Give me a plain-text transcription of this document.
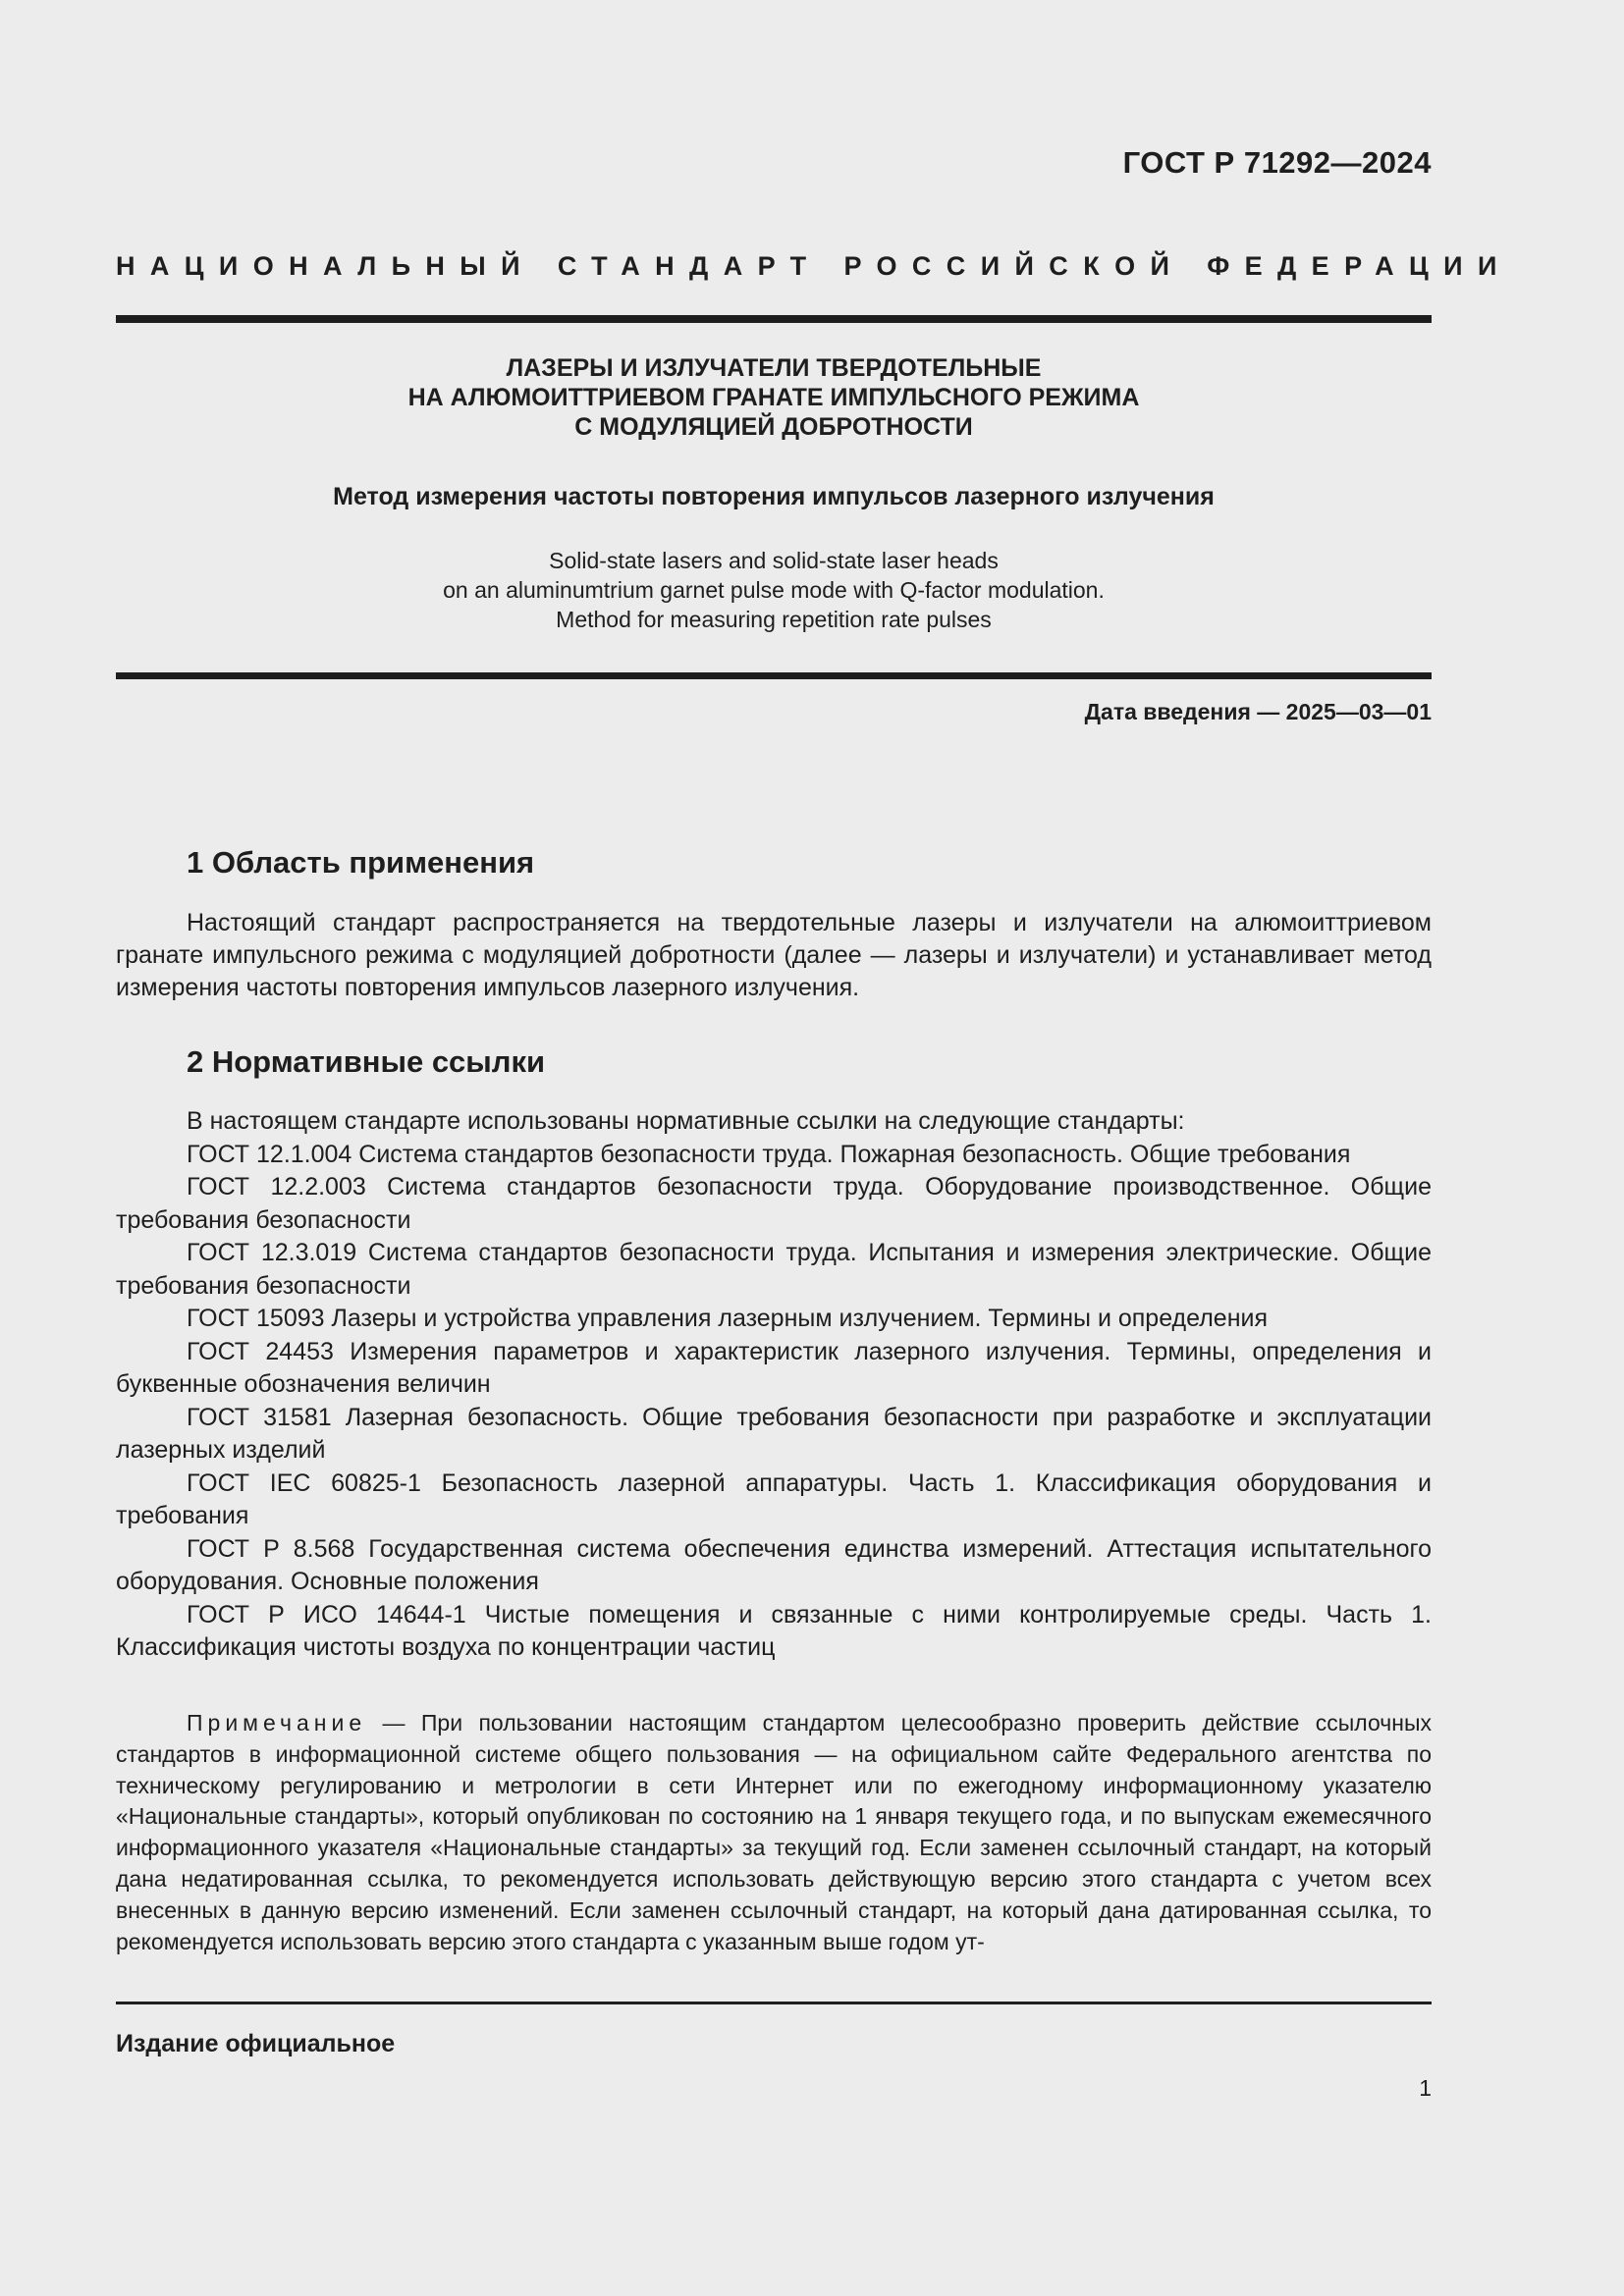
ГОСТ Р 71292—2024
НАЦИОНАЛЬНЫЙ СТАНДАРТ РОССИЙСКОЙ ФЕДЕРАЦИИ
ЛАЗЕРЫ И ИЗЛУЧАТЕЛИ ТВЕРДОТЕЛЬНЫЕ
НА АЛЮМОИТТРИЕВОМ ГРАНАТЕ ИМПУЛЬСНОГО РЕЖИМА
С МОДУЛЯЦИЕЙ ДОБРОТНОСТИ
Метод измерения частоты повторения импульсов лазерного излучения
Solid-state lasers and solid-state laser heads
on an aluminumtrium garnet pulse mode with Q-factor modulation.
Method for measuring repetition rate pulses
Дата введения — 2025—03—01
1 Область применения
Настоящий стандарт распространяется на твердотельные лазеры и излучатели на алюмоиттриевом гранате импульсного режима с модуляцией добротности (далее — лазеры и излучатели) и устанавливает метод измерения частоты повторения импульсов лазерного излучения.
2 Нормативные ссылки
В настоящем стандарте использованы нормативные ссылки на следующие стандарты:
ГОСТ 12.1.004 Система стандартов безопасности труда. Пожарная безопасность. Общие требования
ГОСТ 12.2.003 Система стандартов безопасности труда. Оборудование производственное. Общие требования безопасности
ГОСТ 12.3.019 Система стандартов безопасности труда. Испытания и измерения электрические. Общие требования безопасности
ГОСТ 15093 Лазеры и устройства управления лазерным излучением. Термины и определения
ГОСТ 24453 Измерения параметров и характеристик лазерного излучения. Термины, определения и буквенные обозначения величин
ГОСТ 31581 Лазерная безопасность. Общие требования безопасности при разработке и эксплуатации лазерных изделий
ГОСТ IEC 60825-1 Безопасность лазерной аппаратуры. Часть 1. Классификация оборудования и требования
ГОСТ Р 8.568 Государственная система обеспечения единства измерений. Аттестация испытательного оборудования. Основные положения
ГОСТ Р ИСО 14644-1 Чистые помещения и связанные с ними контролируемые среды. Часть 1. Классификация чистоты воздуха по концентрации частиц
Примечание — При пользовании настоящим стандартом целесообразно проверить действие ссылочных стандартов в информационной системе общего пользования — на официальном сайте Федерального агентства по техническому регулированию и метрологии в сети Интернет или по ежегодному информационному указателю «Национальные стандарты», который опубликован по состоянию на 1 января текущего года, и по выпускам ежемесячного информационного указателя «Национальные стандарты» за текущий год. Если заменен ссылочный стандарт, на который дана недатированная ссылка, то рекомендуется использовать действующую версию этого стандарта с учетом всех внесенных в данную версию изменений. Если заменен ссылочный стандарт, на который дана датированная ссылка, то рекомендуется использовать версию этого стандарта с указанным выше годом ут-
Издание официальное
1
